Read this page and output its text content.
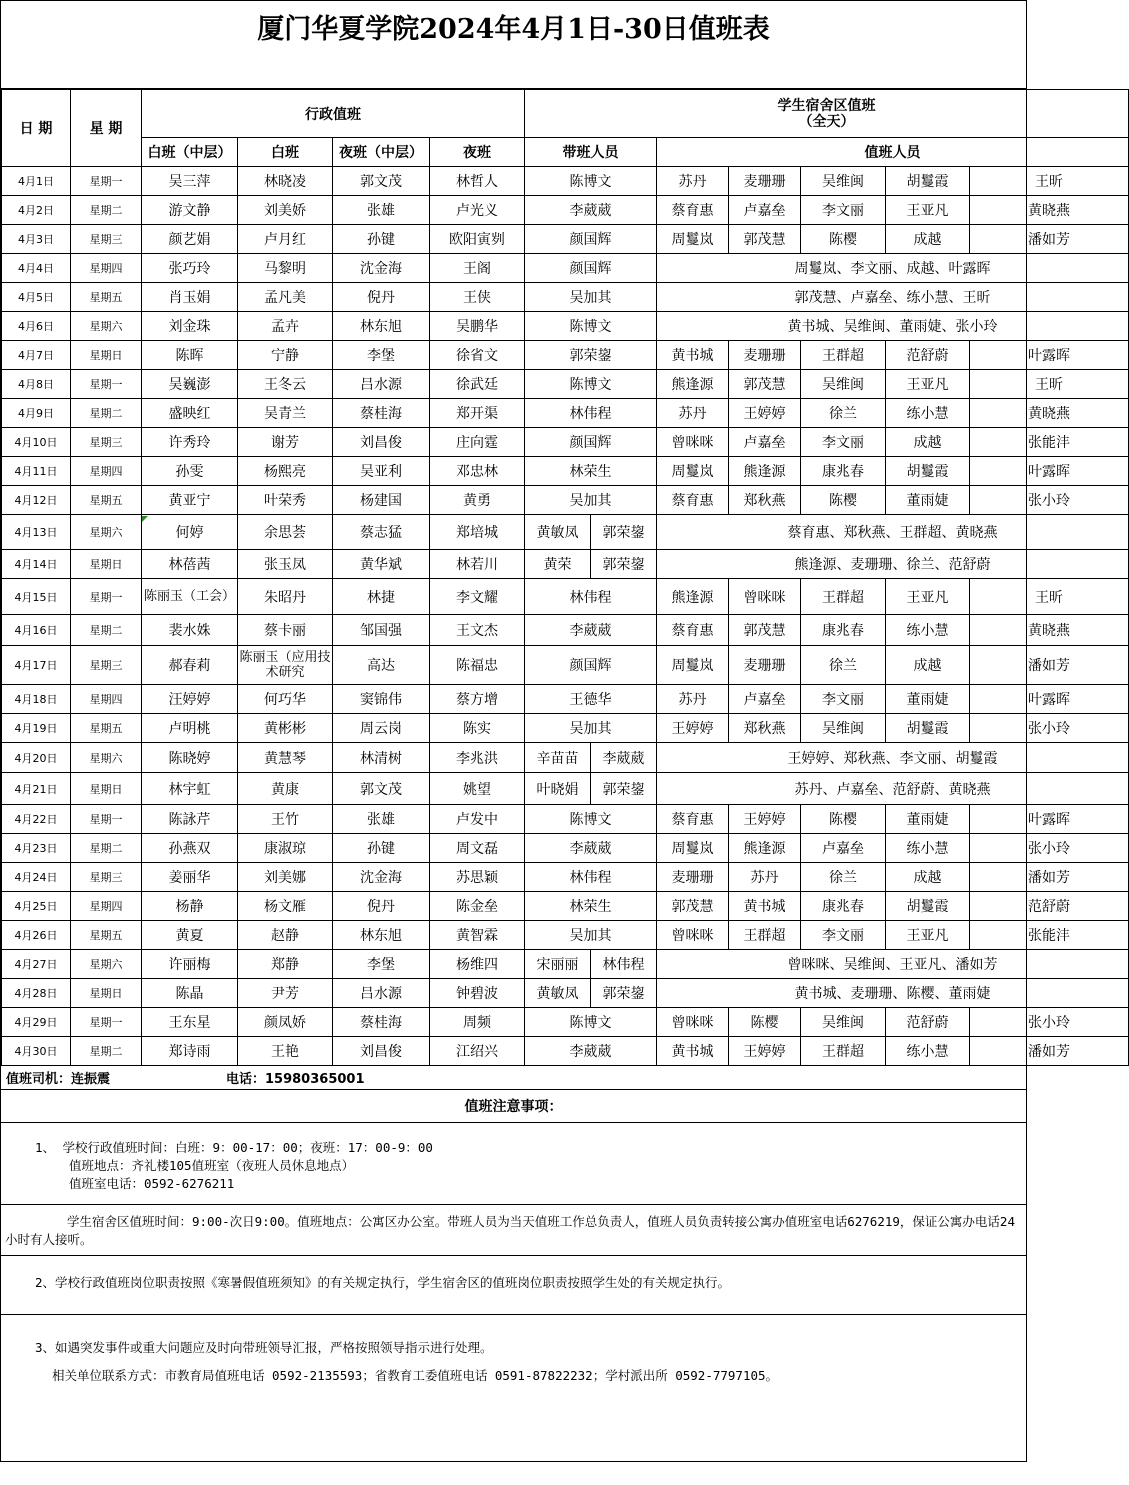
厦门华夏学院2024年4月1日-30日值班表
日 期	星 期	行政值班				学生宿舍区值班
（全天）						

		白班（中层）	白班	夜班（中层）	夜班	带班人员		值班人员				
4月1日	星期一	吴三萍	林晓凌	郭文茂	林哲人	陈博文		苏丹	麦珊珊	吴维闽	胡鬘霞	王昕
4月2日	星期二	游文静	刘美娇	张雄	卢光义	李葳葳		蔡育惠	卢嘉垒	李文丽	王亚凡	黄晓燕
4月3日	星期三	颜艺娟	卢月红	孙键	欧阳寅刿	颜国辉		周鬘岚	郭茂慧	陈樱	成越	潘如芳
4月4日	星期四	张巧玲	马黎明	沈金海	王阁	颜国辉		周鬘岚、李文丽、成越、叶露晖				
4月5日	星期五	肖玉娟	孟凡美	倪丹	王侠	吴加其		郭茂慧、卢嘉垒、练小慧、王昕				
4月6日	星期六	刘金珠	孟卉	林东旭	吴鹏华	陈博文		黄书城、吴维闽、董雨婕、张小玲				
4月7日	星期日	陈晖	宁静	李堡	徐省文	郭荣鋆		黄书城	麦珊珊	王群超	范舒蔚	叶露晖
4月8日	星期一	吴巍澎	王冬云	吕水源	徐武廷	陈博文		熊逢源	郭茂慧	吴维闽	王亚凡	王昕
4月9日	星期二	盛映红	吴青兰	蔡桂海	郑开渠	林伟程		苏丹	王婷婷	徐兰	练小慧	黄晓燕
4月10日	星期三	许秀玲	谢芳	刘昌俊	庄向霆	颜国辉		曾咪咪	卢嘉垒	李文丽	成越	张能沣
4月11日	星期四	孙雯	杨熙亮	吴亚利	邓忠林	林荣生		周鬘岚	熊逢源	康兆春	胡鬘霞	叶露晖
4月12日	星期五	黄亚宁	叶荣秀	杨建国	黄勇	吴加其		蔡育惠	郑秋燕	陈樱	董雨婕	张小玲
4月13日	星期六	何婷	余思荟	蔡志猛	郑培城	黄敏凤	郭荣鋆	蔡育惠、郑秋燕、王群超、黄晓燕				
4月14日	星期日	林蓓茜	张玉凤	黄华斌	林若川	黄荣	郭荣鋆	熊逢源、麦珊珊、徐兰、范舒蔚				
4月15日	星期一	陈丽玉（工会）	朱昭丹	林捷	李文耀	林伟程		熊逢源	曾咪咪	王群超	王亚凡	王昕
4月16日	星期二	裴水姝	蔡卡丽	邹国强	王文杰	李葳葳		蔡育惠	郭茂慧	康兆春	练小慧	黄晓燕
4月17日	星期三	郝春莉	陈丽玉（应用技术研究	高达	陈福忠	颜国辉		周鬘岚	麦珊珊	徐兰	成越	潘如芳
4月18日	星期四	汪婷婷	何巧华	窦锦伟	蔡方增	王德华		苏丹	卢嘉垒	李文丽	董雨婕	叶露晖
4月19日	星期五	卢明桃	黄彬彬	周云岗	陈实	吴加其		王婷婷	郑秋燕	吴维闽	胡鬘霞	张小玲
4月20日	星期六	陈晓婷	黄慧琴	林清树	李兆洪	辛苗苗	李葳葳	王婷婷、郑秋燕、李文丽、胡鬘霞				
4月21日	星期日	林宇虹	黄康	郭文茂	姚望	叶晓娟	郭荣鋆	苏丹、卢嘉垒、范舒蔚、黄晓燕				
4月22日	星期一	陈詠芹	王竹	张雄	卢发中	陈博文		蔡育惠	王婷婷	陈樱	董雨婕	叶露晖
4月23日	星期二	孙燕双	康淑琼	孙键	周文磊	李葳葳		周鬘岚	熊逢源	卢嘉垒	练小慧	张小玲
4月24日	星期三	姜丽华	刘美娜	沈金海	苏思颖	林伟程		麦珊珊	苏丹	徐兰	成越	潘如芳
4月25日	星期四	杨静	杨文雁	倪丹	陈金垒	林荣生		郭茂慧	黄书城	康兆春	胡鬘霞	范舒蔚
4月26日	星期五	黄夏	赵静	林东旭	黄智霖	吴加其		曾咪咪	王群超	李文丽	王亚凡	张能沣
4月27日	星期六	许丽梅	郑静	李堡	杨维四	宋丽丽	林伟程	曾咪咪、吴维闽、王亚凡、潘如芳				
4月28日	星期日	陈晶	尹芳	吕水源	钟碧波	黄敏凤	郭荣鋆	黄书城、麦珊珊、陈樱、董雨婕				
4月29日	星期一	王东星	颜凤娇	蔡桂海	周频	陈博文		曾咪咪	陈樱	吴维闽	范舒蔚	张小玲
4月30日	星期二	郑诗雨	王艳	刘昌俊	江绍兴	李葳葳		黄书城	王婷婷	王群超	练小慧	潘如芳
值班司机：连振震	电话：15980365001
值班注意事项：
1、 学校行政值班时间：白班：9：00-17：00；夜班：17：00-9：00
值班地点：齐礼楼105值班室（夜班人员休息地点）
值班室电话：0592-6276211
学生宿舍区值班时间：9:00-次日9:00。值班地点：公寓区办公室。带班人员为当天值班工作总负责人，值班人员负责转接公寓办值班室电话6276219，保证公寓办电话24小时有人接听。
2、学校行政值班岗位职责按照《寒暑假值班须知》的有关规定执行，学生宿舍区的值班岗位职责按照学生处的有关规定执行。
3、如遇突发事件或重大问题应及时向带班领导汇报，严格按照领导指示进行处理。
相关单位联系方式：市教育局值班电话 0592-2135593；省教育工委值班电话 0591-87822232；学村派出所 0592-7797105。
